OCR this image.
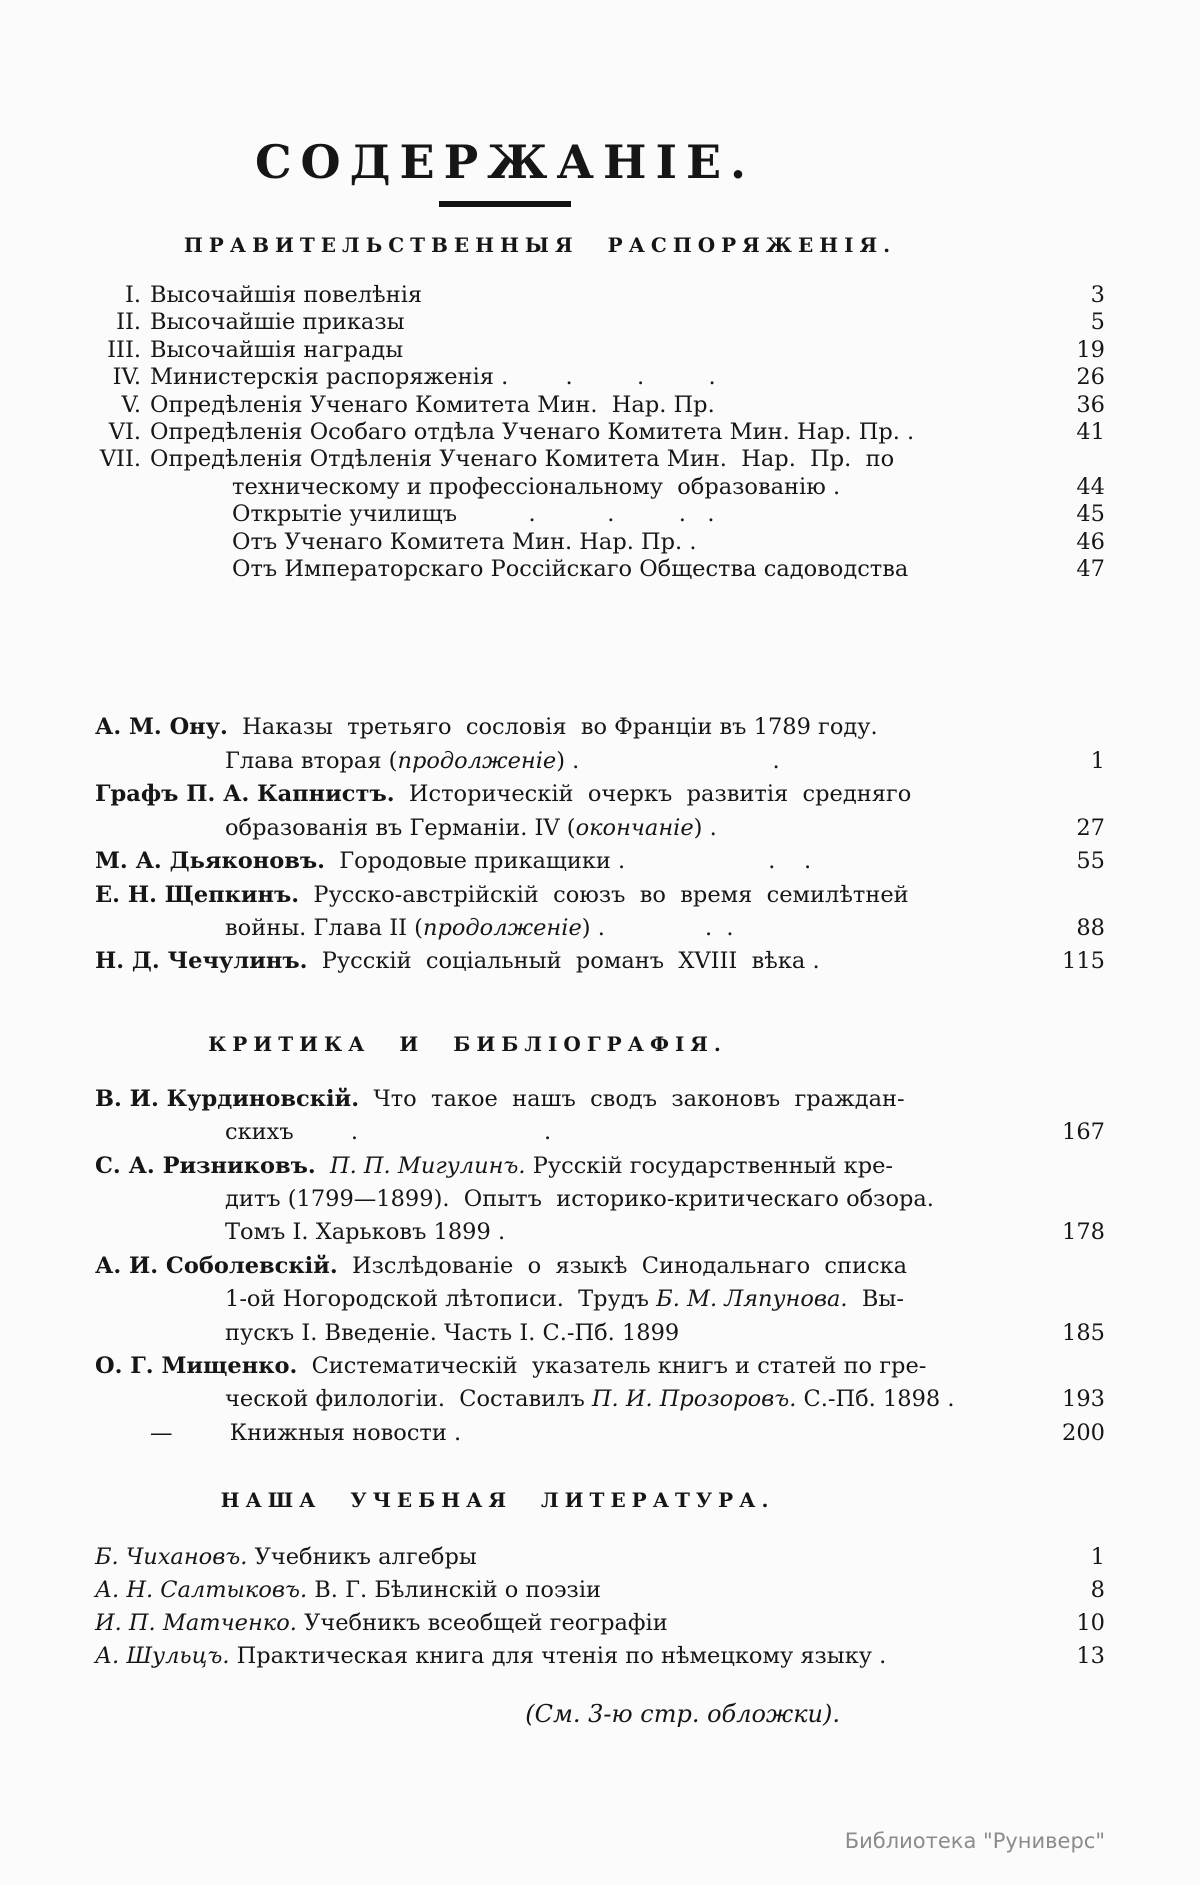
СОДЕРЖАНІЕ.
ПРАВИТЕЛЬСТВЕННЫЯ РАСПОРЯЖЕНІЯ.
I. Высочайшія повелѣнія	3
II. Высочайшіе приказы	5
III. Высочайшія награды	19
IV. Министерскія распоряженія .        .         .         .	26
V. Опредѣленія Ученаго Комитета Мин.  Нар. Пр.	36
VI. Опредѣленія Особаго отдѣла Ученаго Комитета Мин. Нар. Пр. .	41
VII. Опредѣленія Отдѣленія Ученаго Комитета Мин.  Нар.  Пр.  по
техническому и профессіональному  образованію .	44
Открытіе училищъ          .          .         .   .	45
Отъ Ученаго Комитета Мин. Нар. Пр. .	46
Отъ Императорскаго Россійскаго Общества садоводства	47
А. М. Ону.  Наказы  третьяго  сословія  во Франціи въ 1789 году.
Глава вторая (продолженіе) .                           .	1
Графъ П. А. Капнистъ.  Историческій  очеркъ  развитія  средняго
образованія въ Германіи. IV (окончаніе) .	27
М. А. Дьяконовъ.  Городовые прикащики .                    .    .	55
Е. Н. Щепкинъ.  Русско-австрійскій  союзъ  во  время  семилѣтней
войны. Глава II (продолженіе) .              .  .	88
Н. Д. Чечулинъ.  Русскій  соціальный  романъ  XVIII  вѣка .	115
КРИТИКА И БИБЛІОГРАФІЯ.
В. И. Курдиновскій.  Что  такое  нашъ  сводъ  законовъ  граждан-
скихъ        .                          .	167
С. А. Ризниковъ. П. П. Мигулинъ. Русскій государственный кре-
дитъ (1799—1899).  Опытъ  историко-критическаго обзора.
Томъ I. Харьковъ 1899 .	178
А. И. Соболевскій.  Изслѣдованіе  о  языкѣ  Синодальнаго  списка
1-ой Ногородской лѣтописи.  Трудъ Б. М. Ляпунова.  Вы-
пускъ I. Введеніе. Часть I. С.-Пб. 1899	185
О. Г. Мищенко.  Систематическій  указатель книгъ и статей по гре-
ческой филологіи.  Составилъ П. И. Прозоровъ. С.-Пб. 1898 .	193
—        Книжныя новости .	200
НАША УЧЕБНАЯ ЛИТЕРАТУРА.
Б. Чихановъ. Учебникъ алгебры	1
А. Н. Салтыковъ. В. Г. Бѣлинскій о поэзіи	8
И. П. Матченко. Учебникъ всеобщей географіи	10
А. Шульцъ. Практическая книга для чтенія по нѣмецкому языку .	13
(См. 3-ю стр. обложки).
Библиотека "Руниверс"
